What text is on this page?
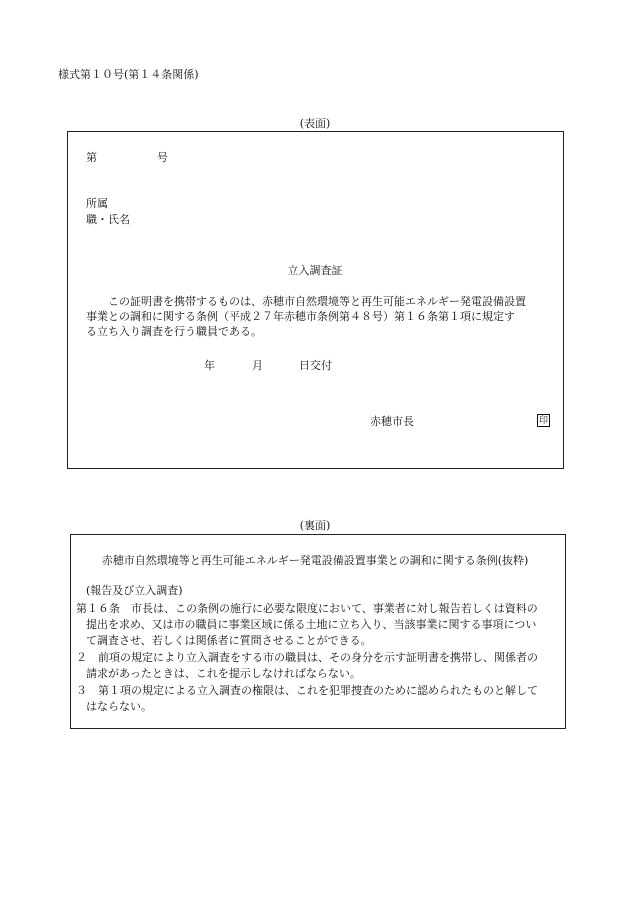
様式第１０号(第１４条関係)
(表面)
第	号
所属
職・氏名
立入調査証
この証明書を携帯するものは、赤穂市自然環境等と再生可能エネルギー発電設備設置
事業との調和に関する条例（平成２７年赤穂市条例第４８号）第１６条第１項に規定す
る立ち入り調査を行う職員である。
年	月	日交付
赤穂市長	印
(裏面)
赤穂市自然環境等と再生可能エネルギー発電設備設置事業との調和に関する条例(抜粋)
(報告及び立入調査)
第１６条　市長は、この条例の施行に必要な限度において、事業者に対し報告若しくは資料の
提出を求め、又は市の職員に事業区域に係る土地に立ち入り、当該事業に関する事項につい
て調査させ、若しくは関係者に質問させることができる。
２　前項の規定により立入調査をする市の職員は、その身分を示す証明書を携帯し、関係者の
請求があったときは、これを提示しなければならない。
３　第１項の規定による立入調査の権限は、これを犯罪捜査のために認められたものと解して
はならない。
